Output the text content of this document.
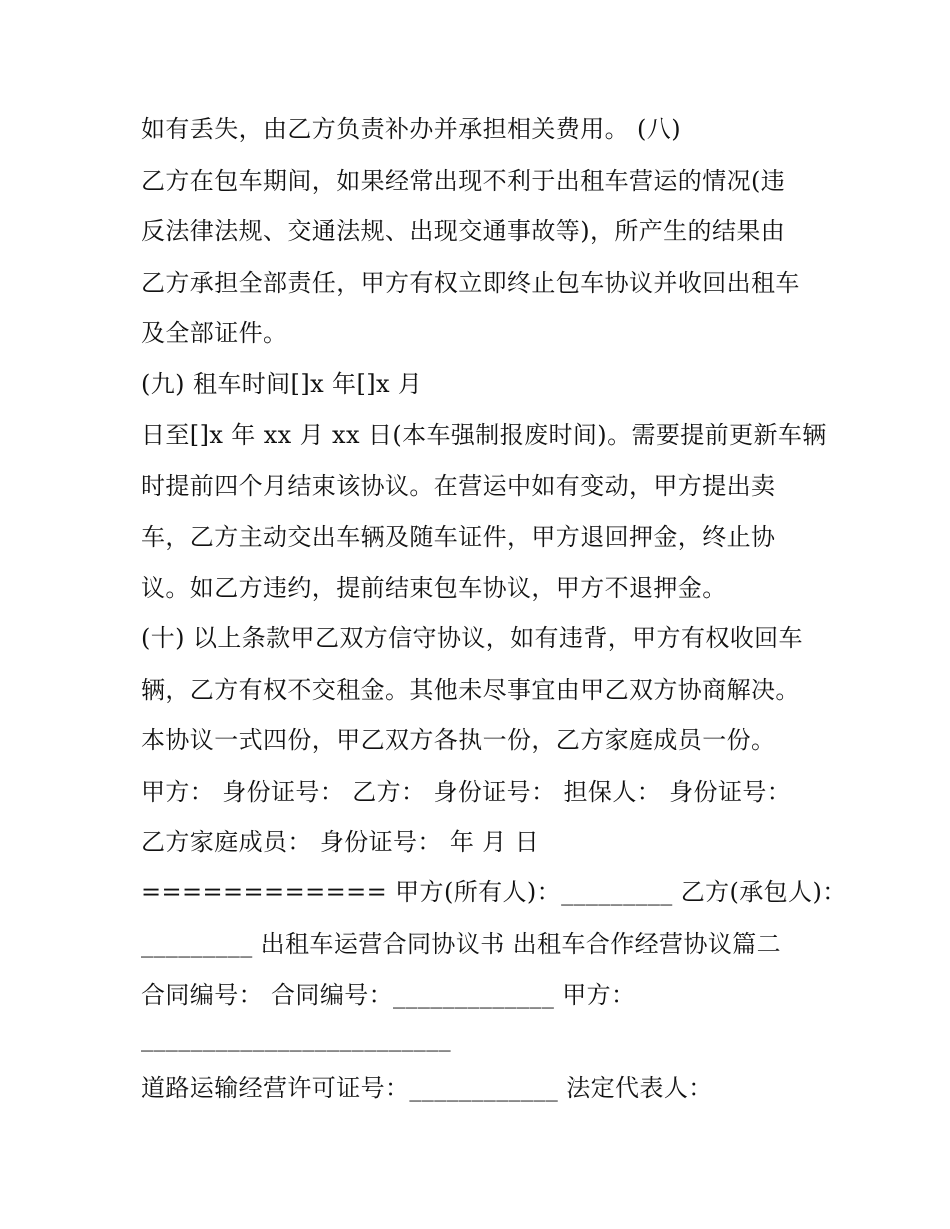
如有丢失，由乙方负责补办并承担相关费用。 (八)
乙方在包车期间，如果经常出现不利于出租车营运的情况(违
反法律法规、交通法规、出现交通事故等)，所产生的结果由
乙方承担全部责任，甲方有权立即终止包车协议并收回出租车
及全部证件。
(九) 租车时间[]x 年[]x 月
日至[]x 年 xx 月 xx 日(本车强制报废时间)。需要提前更新车辆
时提前四个月结束该协议。在营运中如有变动，甲方提出卖
车，乙方主动交出车辆及随车证件，甲方退回押金，终止协
议。如乙方违约，提前结束包车协议，甲方不退押金。
(十) 以上条款甲乙双方信守协议，如有违背，甲方有权收回车
辆，乙方有权不交租金。其他未尽事宜由甲乙双方协商解决。
本协议一式四份，甲乙双方各执一份，乙方家庭成员一份。
甲方： 身份证号： 乙方： 身份证号： 担保人： 身份证号：
乙方家庭成员： 身份证号： 年 月 日
============ 甲方(所有人)：_________ 乙方(承包人)：
_________ 出租车运营合同协议书 出租车合作经营协议篇二
合同编号： 合同编号：_____________ 甲方：
_________________________
道路运输经营许可证号：____________ 法定代表人：
